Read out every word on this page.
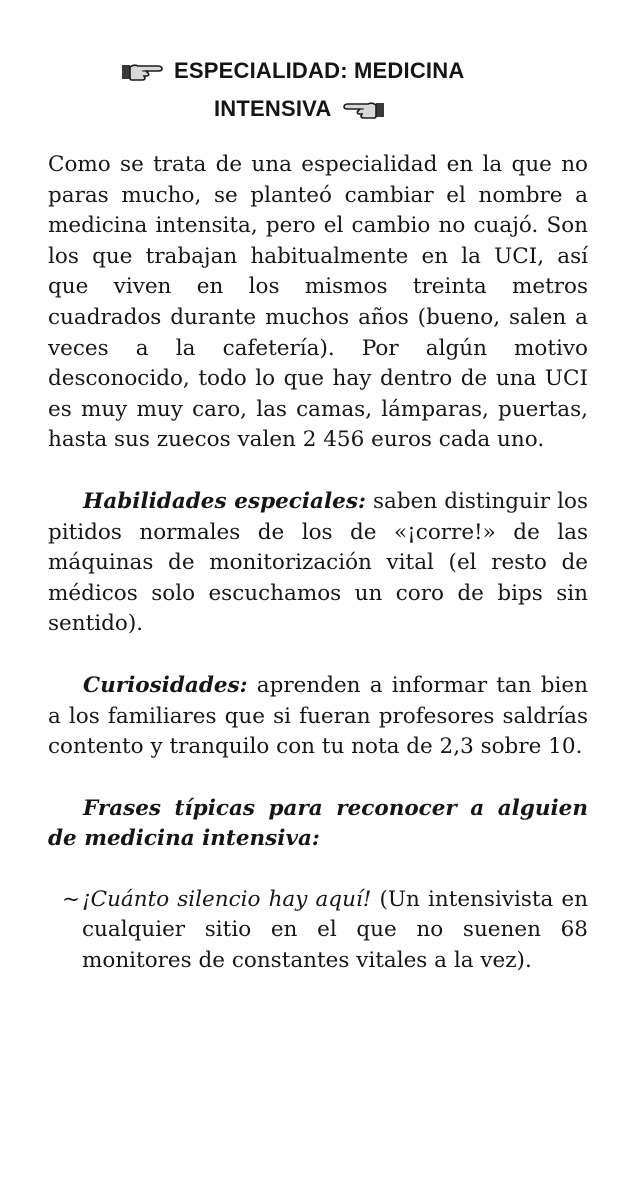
ESPECIALIDAD: MEDICINA
INTENSIVA

Como se trata de una especialidad en la que no paras mucho, se planteó cambiar el nombre a medicina intensita, pero el cambio no cuajó. Son los que trabajan habitualmente en la UCI, así que viven en los mismos treinta metros cuadrados durante muchos años (bueno, salen a veces a la cafetería). Por algún motivo desconocido, todo lo que hay dentro de una UCI es muy muy caro, las camas, lámparas, puertas, hasta sus zuecos valen 2 456 euros cada uno.

Habilidades especiales: saben distinguir los pitidos normales de los de «¡corre!» de las máquinas de monitorización vital (el resto de médicos solo escuchamos un coro de bips sin sentido).

Curiosidades: aprenden a informar tan bien a los familiares que si fueran profesores saldrías contento y tranquilo con tu nota de 2,3 sobre 10.

Frases típicas para reconocer a alguien de medicina intensiva:

~ ¡Cuánto silencio hay aquí! (Un intensivista en cualquier sitio en el que no suenen 68 monitores de constantes vitales a la vez).
